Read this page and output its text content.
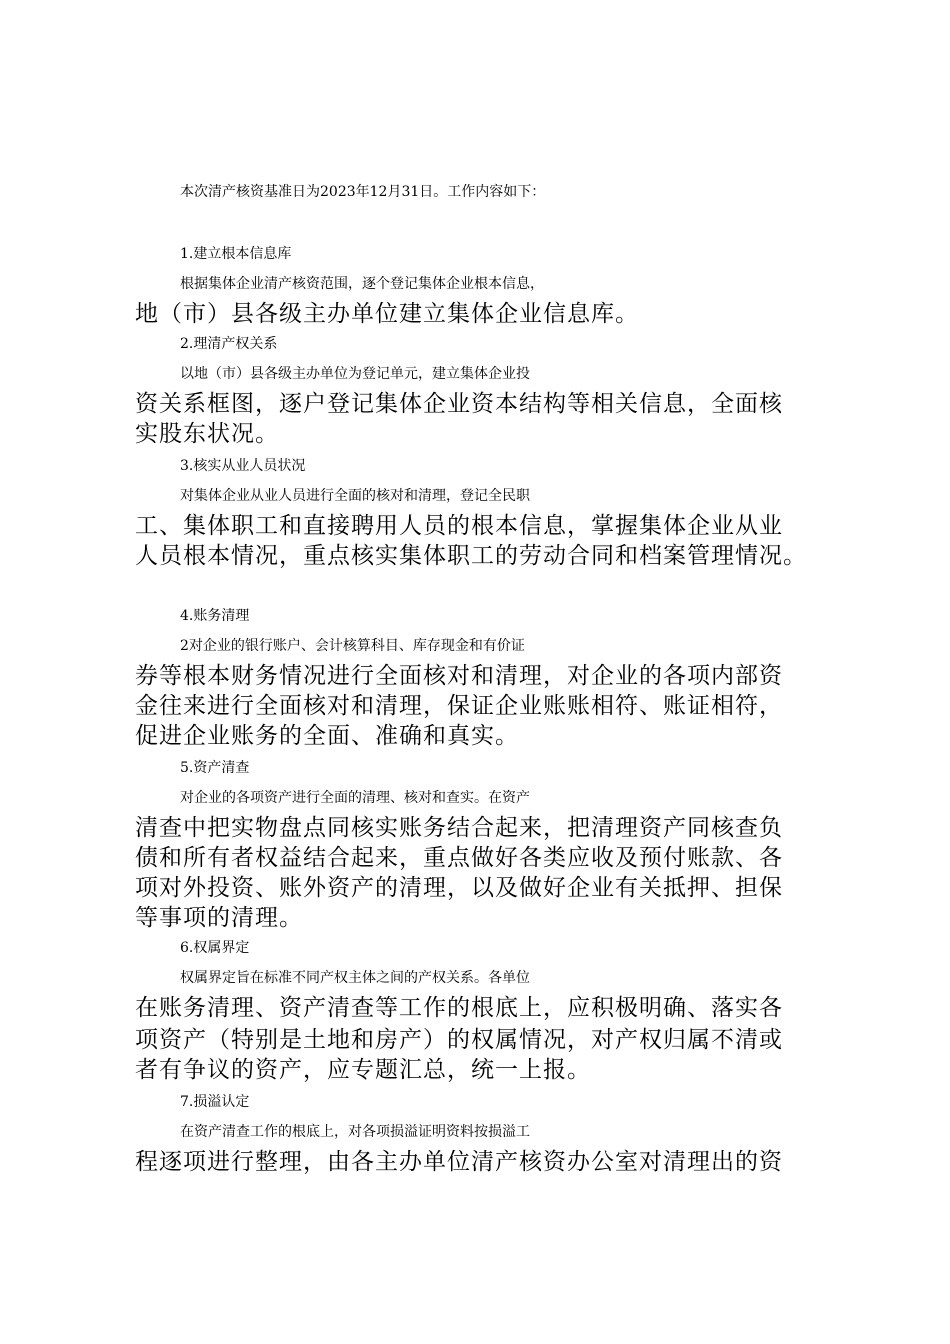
本次清产核资基准日为2023年12月31日。工作内容如下：
1.建立根本信息库
根据集体企业清产核资范围，逐个登记集体企业根本信息，
地（市）县各级主办单位建立集体企业信息库。
2.理清产权关系
以地（市）县各级主办单位为登记单元，建立集体企业投
资关系框图，逐户登记集体企业资本结构等相关信息，全面核
实股东状况。
3.核实从业人员状况
对集体企业从业人员进行全面的核对和清理，登记全民职
工、集体职工和直接聘用人员的根本信息，掌握集体企业从业
人员根本情况，重点核实集体职工的劳动合同和档案管理情况。
4.账务清理
2对企业的银行账户、会计核算科目、库存现金和有价证
券等根本财务情况进行全面核对和清理，对企业的各项内部资
金往来进行全面核对和清理，保证企业账账相符、账证相符，
促进企业账务的全面、准确和真实。
5.资产清查
对企业的各项资产进行全面的清理、核对和查实。在资产
清查中把实物盘点同核实账务结合起来，把清理资产同核查负
债和所有者权益结合起来，重点做好各类应收及预付账款、各
项对外投资、账外资产的清理，以及做好企业有关抵押、担保
等事项的清理。
6.权属界定
权属界定旨在标准不同产权主体之间的产权关系。各单位
在账务清理、资产清查等工作的根底上，应积极明确、落实各
项资产（特别是土地和房产）的权属情况，对产权归属不清或
者有争议的资产，应专题汇总，统一上报。
7.损溢认定
在资产清查工作的根底上，对各项损溢证明资料按损溢工
程逐项进行整理，由各主办单位清产核资办公室对清理出的资
